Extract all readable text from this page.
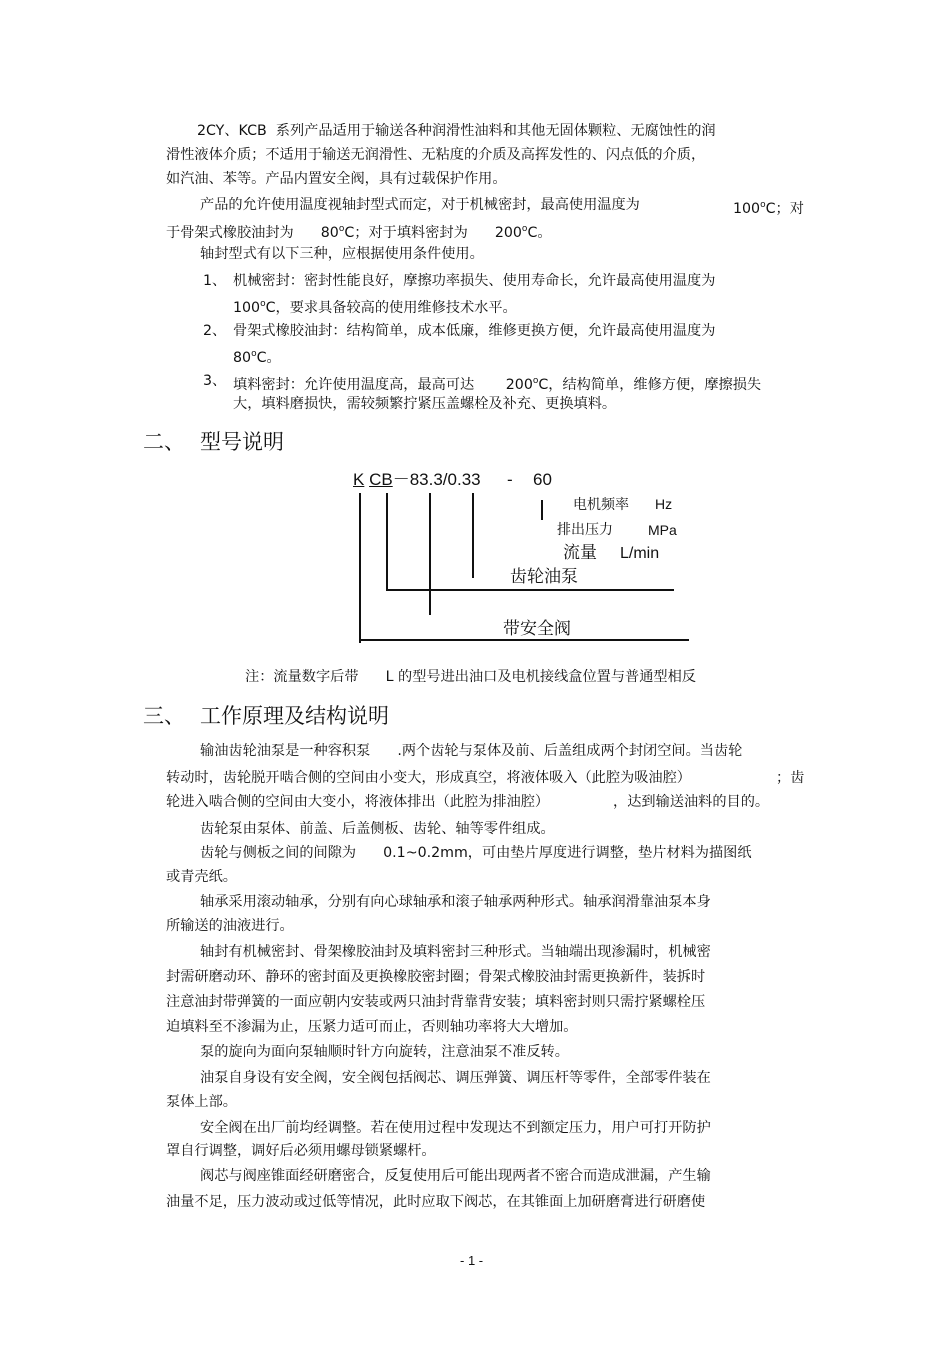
2CY、KCB 系列产品适用于输送各种润滑性油料和其他无固体颗粒、无腐蚀性的润
滑性液体介质；不适用于输送无润滑性、无粘度的介质及高挥发性的、闪点低的介质，
如汽油、苯等。产品内置安全阀，具有过载保护作用。
产品的允许使用温度视轴封型式而定，对于机械密封，最高使用温度为	100$^o$C；对
于骨架式橡胶油封为 80$^o$C；对于填料密封为 200$^o$C。
轴封型式有以下三种，应根据使用条件使用。
1、 机械密封：密封性能良好，摩擦功率损失、使用寿命长，允许最高使用温度为
100$^o$C，要求具备较高的使用维修技术水平。
2、 骨架式橡胶油封：结构简单，成本低廉，维修更换方便，允许最高使用温度为
80$^o$C。
3、 填料密封：允许使用温度高，最高可达 200$^o$C，结构简单，维修方便，摩擦损失
大，填料磨损快，需较频繁拧紧压盖螺栓及补充、更换填料。
二、 型号说明
K CB－83.3/0.33 - 60
电机频率 Hz
排出压力	MPa
流量 L/min
齿轮油泵
带安全阀
注：流量数字后带 L 的型号进出油口及电机接线盒位置与普通型相反
三、 工作原理及结构说明
输油齿轮油泵是一种容积泵 .两个齿轮与泵体及前、后盖组成两个封闭空间。当齿轮
转动时，齿轮脱开啮合侧的空间由小变大，形成真空，将液体吸入（此腔为吸油腔）	；齿
轮进入啮合侧的空间由大变小，将液体排出（此腔为排油腔）	，达到输送油料的目的。
齿轮泵由泵体、前盖、后盖侧板、齿轮、轴等零件组成。
齿轮与侧板之间的间隙为 0.1~0.2mm，可由垫片厚度进行调整，垫片材料为描图纸
或青壳纸。
轴承采用滚动轴承，分别有向心球轴承和滚子轴承两种形式。轴承润滑靠油泵本身
所输送的油液进行。
轴封有机械密封、骨架橡胶油封及填料密封三种形式。当轴端出现渗漏时，机械密
封需研磨动环、静环的密封面及更换橡胶密封圈；骨架式橡胶油封需更换新件，装拆时
注意油封带弹簧的一面应朝内安装或两只油封背靠背安装；填料密封则只需拧紧螺栓压
迫填料至不渗漏为止，压紧力适可而止，否则轴功率将大大增加。
泵的旋向为面向泵轴顺时针方向旋转，注意油泵不准反转。
油泵自身设有安全阀，安全阀包括阀芯、调压弹簧、调压杆等零件，全部零件装在
泵体上部。
安全阀在出厂前均经调整。若在使用过程中发现达不到额定压力，用户可打开防护
罩自行调整，调好后必须用螺母锁紧螺杆。
阀芯与阀座锥面经研磨密合，反复使用后可能出现两者不密合而造成泄漏，产生输
油量不足，压力波动或过低等情况，此时应取下阀芯，在其锥面上加研磨膏进行研磨使
- 1 -
